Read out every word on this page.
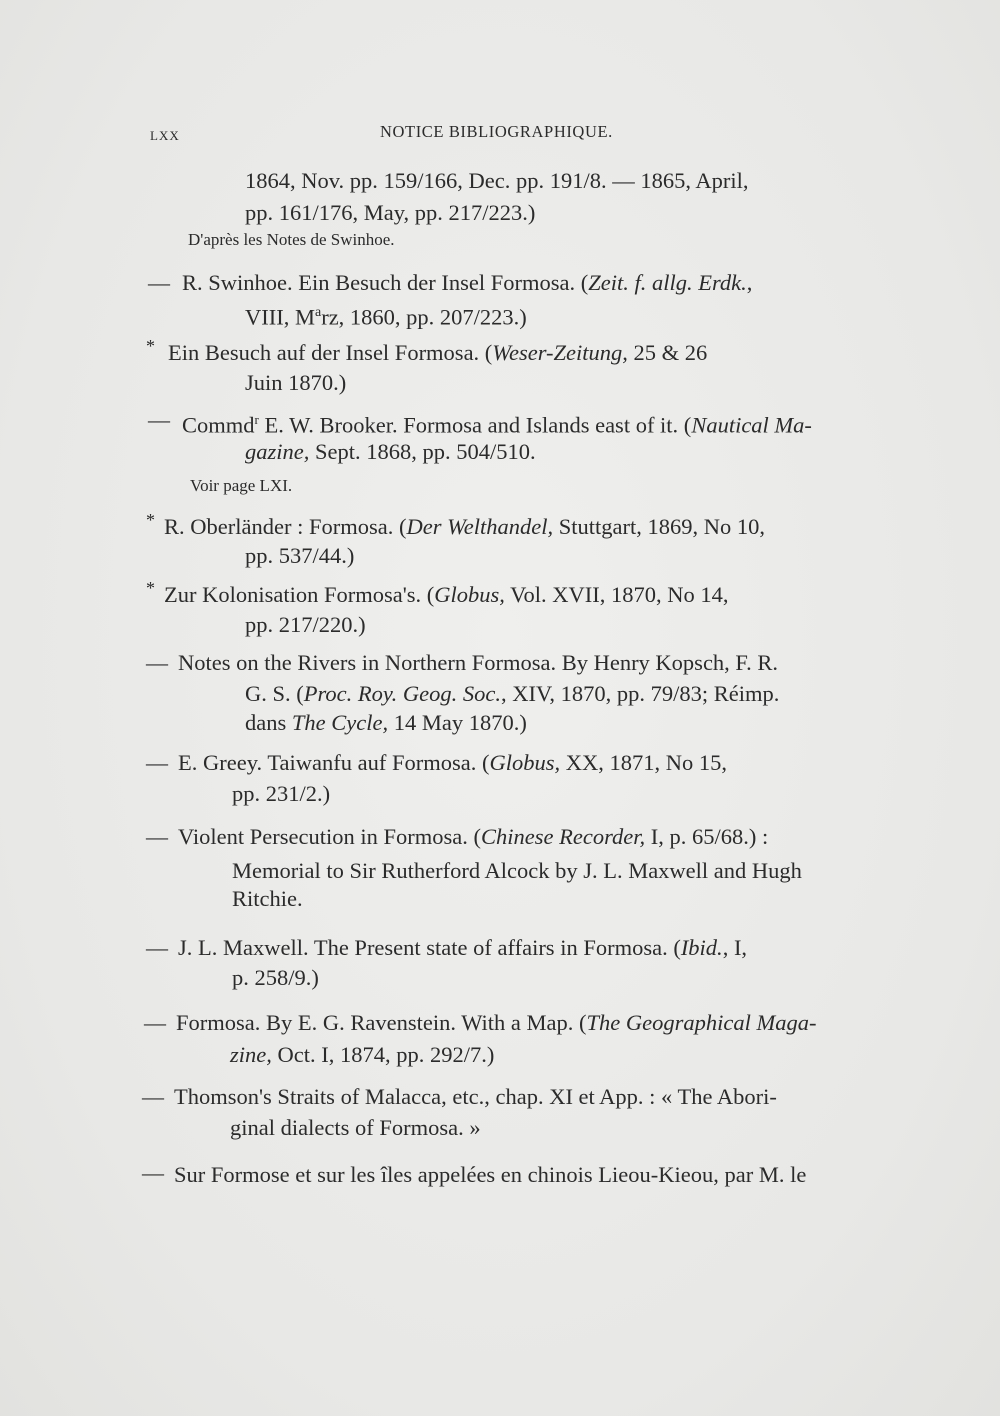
LXX	NOTICE BIBLIOGRAPHIQUE.
1864, Nov. pp. 159/166, Dec. pp. 191/8. — 1865, April,
pp. 161/176, May, pp. 217/223.)
D'après les Notes de Swinhoe.
— R. Swinhoe. Ein Besuch der Insel Formosa. (Zeit. f. allg. Erdk.,
VIII, $M^arz$, 1860, pp. 207/223.)
* Ein Besuch auf der Insel Formosa. (Weser-Zeitung, 25 & 26
Juin 1870.)
— Commd$^r$ E. W. Brooker. Formosa and Islands east of it. (Nautical Ma-
gazine, Sept. 1868, pp. 504/510.
Voir page LXI.
* R. Oberländer : Formosa. (Der Welthandel, Stuttgart, 1869, No 10,
pp. 537/44.)
* Zur Kolonisation Formosa's. (Globus, Vol. XVII, 1870, No 14,
pp. 217/220.)
— Notes on the Rivers in Northern Formosa. By Henry Kopsch, F. R.
G. S. (Proc. Roy. Geog. Soc., XIV, 1870, pp. 79/83; Réimp.
dans The Cycle, 14 May 1870.)
— E. Greey. Taiwanfu auf Formosa. (Globus, XX, 1871, No 15,
pp. 231/2.)
— Violent Persecution in Formosa. (Chinese Recorder, I, p. 65/68.) :
Memorial to Sir Rutherford Alcock by J. L. Maxwell and Hugh
Ritchie.
— J. L. Maxwell. The Present state of affairs in Formosa. (Ibid., I,
p. 258/9.)
— Formosa. By E. G. Ravenstein. With a Map. (The Geographical Maga-
zine, Oct. I, 1874, pp. 292/7.)
— Thomson's Straits of Malacca, etc., chap. XI et App. : « The Abori-
ginal dialects of Formosa. »
— Sur Formose et sur les îles appelées en chinois Lieou-Kieou, par M. le
